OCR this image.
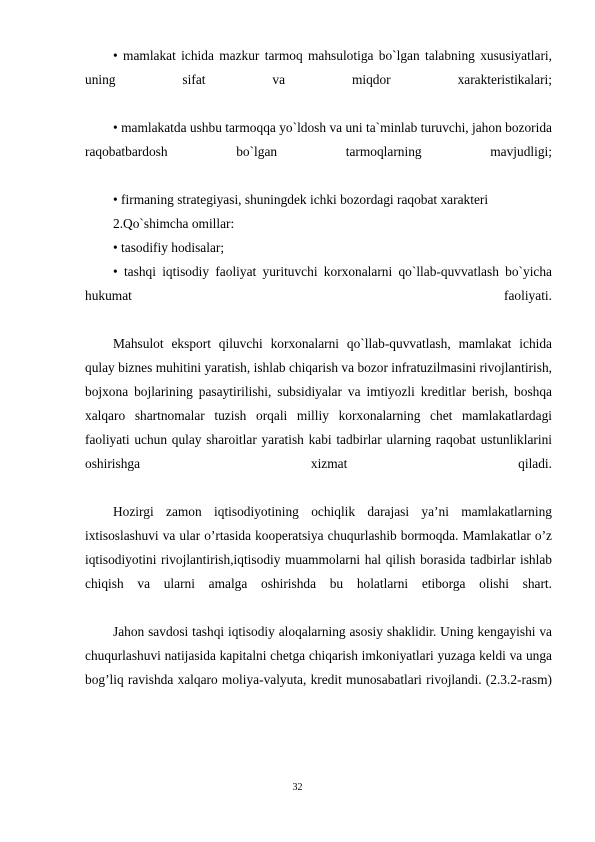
• mamlakat ichida mazkur tarmoq mahsulotiga bo`lgan talabning xususiyatlari, uning sifat va miqdor xarakteristikalari;

• mamlakatda ushbu tarmoqqa yo`ldosh va uni ta`minlab turuvchi, jahon bozorida raqobatbardosh bo`lgan tarmoqlarning mavjudligi;

• firmaning strategiyasi, shuningdek ichki bozordagi raqobat xarakteri

2.Qo`shimcha omillar:

• tasodifiy hodisalar;

• tashqi iqtisodiy faoliyat yurituvchi korxonalarni qo`llab-quvvatlash bo`yicha hukumat faoliyati.

Mahsulot eksport qiluvchi korxonalarni qo`llab-quvvatlash, mamlakat ichida qulay biznes muhitini yaratish, ishlab chiqarish va bozor infratuzilmasini rivojlantirish, bojxona bojlarining pasaytirilishi, subsidiyalar va imtiyozli kreditlar berish, boshqa xalqaro shartnomalar tuzish orqali milliy korxonalarning chet mamlakatlardagi faoliyati uchun qulay sharoitlar yaratish kabi tadbirlar ularning raqobat ustunliklarini oshirishga xizmat qiladi.

Hozirgi zamon iqtisodiyotining ochiqlik darajasi ya’ni mamlakatlarning ixtisoslashuvi va ular o’rtasida kooperatsiya chuqurlashib bormoqda. Mamlakatlar o’z iqtisodiyotini rivojlantirish,iqtisodiy muammolarni hal qilish borasida tadbirlar ishlab chiqish va ularni amalga oshirishda bu holatlarni etiborga olishi shart.

Jahon savdosi tashqi iqtisodiy aloqalarning asosiy shaklidir. Uning kengayishi va chuqurlashuvi natijasida kapitalni chetga chiqarish imkoniyatlari yuzaga keldi va unga bog’liq ravishda xalqaro moliya-valyuta, kredit munosabatlari rivojlandi. (2.3.2-rasm)

32
